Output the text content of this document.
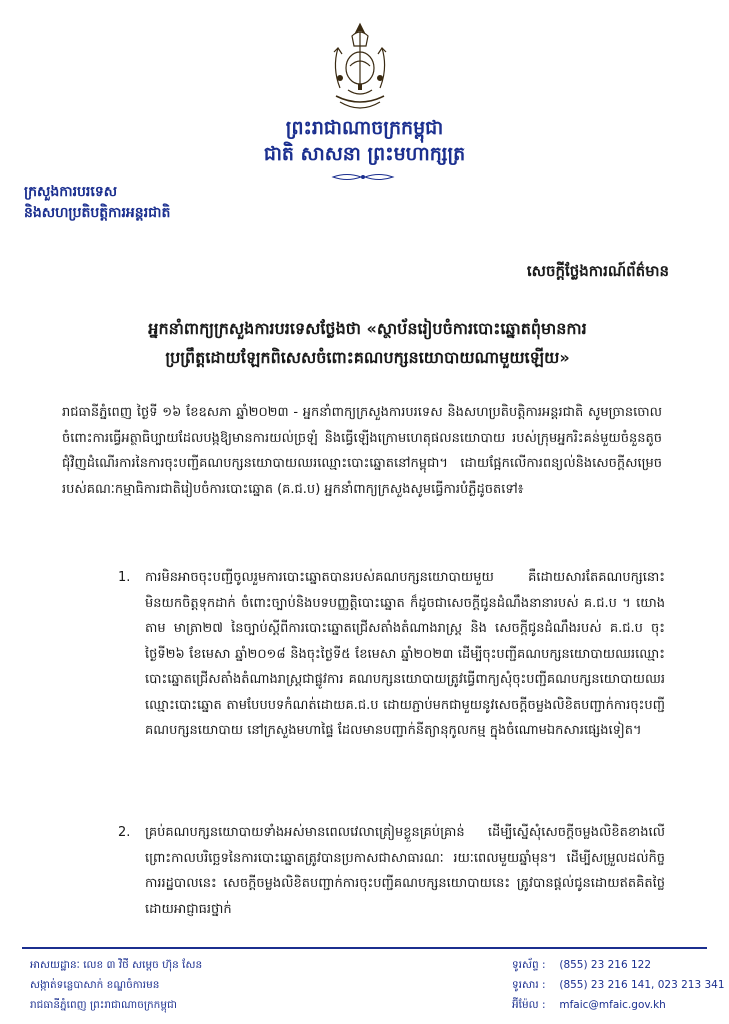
ព្រះរាជាណាចក្រកម្ពុជា
ជាតិ សាសនា ព្រះមហាក្សត្រ
ក្រសួងការបរទេស
និងសហប្រតិបត្តិការអន្តរជាតិ
សេចក្តីថ្លែងការណ៍ព័ត៌មាន
អ្នកនាំពាក្យក្រសួងការបរទេសថ្លែងថា «ស្ថាប័នរៀបចំការបោះឆ្នោតពុំមានការ
ប្រព្រឹត្តដោយឡែកពិសេសចំពោះគណបក្សនយោបាយណាមួយឡើយ»
រាជធានីភ្នំពេញ ថ្ងៃទី ១៦ ខែឧសភា ឆ្នាំ២០២៣ - អ្នកនាំពាក្យក្រសួងការបរទេស និងសហប្រតិបត្តិការអន្តរជាតិ សូមច្រានចោលចំពោះការធ្វើអត្ថាធិប្បាយដែលបង្កឱ្យមានការយល់ច្រឡំ និងធ្វើឡើងក្រោមហេតុផលនយោបាយ របស់ក្រុមអ្នករិះគន់មួយចំនួនតូច ជុំវិញដំណើរការនៃការចុះបញ្ជីគណបក្សនយោបាយឈរឈ្មោះបោះឆ្នោតនៅកម្ពុជា។ ដោយផ្អែកលើការពន្យល់និងសេចក្តីសម្រេចរបស់គណៈកម្មាធិការជាតិរៀបចំការបោះឆ្នោត (គ.ជ.ប) អ្នកនាំពាក្យក្រសួងសូមធ្វើការបំភ្លឺដូចតទៅ៖
1. ការមិនអាចចុះបញ្ជីចូលរួមការបោះឆ្នោតបានរបស់គណបក្សនយោបាយមួយ គឺដោយសារតែគណបក្សនោះមិនយកចិត្តទុកដាក់ ចំពោះច្បាប់និងបទបញ្ញត្តិបោះឆ្នោត ក៏ដូចជាសេចក្តីជូនដំណឹងនានារបស់ គ.ជ.ប ។ យោងតាម មាត្រា២៧ នៃច្បាប់ស្តីពីការបោះឆ្នោតជ្រើសតាំងតំណាងរាស្ត្រ និង សេចក្តីជូនដំណឹងរបស់ គ.ជ.ប ចុះថ្ងៃទី២៦ ខែមេសា ឆ្នាំ២០១៨ និងចុះថ្ងៃទី៥ ខែមេសា ឆ្នាំ២០២៣ ដើម្បីចុះបញ្ជីគណបក្សនយោបាយឈរឈ្មោះបោះឆ្នោតជ្រើសតាំងតំណាងរាស្ត្រជាផ្លូវការ គណបក្សនយោបាយត្រូវធ្វើពាក្យសុំចុះបញ្ជីគណបក្សនយោបាយឈរឈ្មោះបោះឆ្នោត តាមបែបបទកំណត់ដោយគ.ជ.ប ដោយភ្ជាប់មកជាមួយនូវសេចក្តីចម្លងលិខិតបញ្ជាក់ការចុះបញ្ជីគណបក្សនយោបាយ នៅក្រសួងមហាផ្ទៃ ដែលមានបញ្ជាក់នីត្យានុកូលកម្ម ក្នុងចំណោមឯកសារផ្សេងទៀត។
2. គ្រប់គណបក្សនយោបាយទាំងអស់មានពេលវេលាត្រៀមខ្លួនគ្រប់គ្រាន់ ដើម្បីស្នើសុំសេចក្តីចម្លងលិខិតខាងលើ ព្រោះកាលបរិច្ឆេទនៃការបោះឆ្នោតត្រូវបានប្រកាសជាសាធារណៈ រយៈពេលមួយឆ្នាំមុន។ ដើម្បីសម្រួលដល់កិច្ចការរដ្ឋបាលនេះ សេចក្តីចម្លងលិខិតបញ្ជាក់ការចុះបញ្ជីគណបក្សនយោបាយនេះ ត្រូវបានផ្តល់ជូនដោយឥតគិតថ្លៃ ដោយអាជ្ញាធរថ្នាក់
អាសយដ្ឋានៈ លេខ ៣ វិថី សម្តេច ហ៊ុន សែន
សង្កាត់ទន្លេបាសាក់ ខណ្ឌចំការមន
រាជធានីភ្នំពេញ ព្រះរាជាណាចក្រកម្ពុជា
ទូរស័ព្ទ : (855) 23 216 122
ទូរសារ : (855) 23 216 141, 023 213 341
អ៊ីម៉ែល : mfaic@mfaic.gov.kh
